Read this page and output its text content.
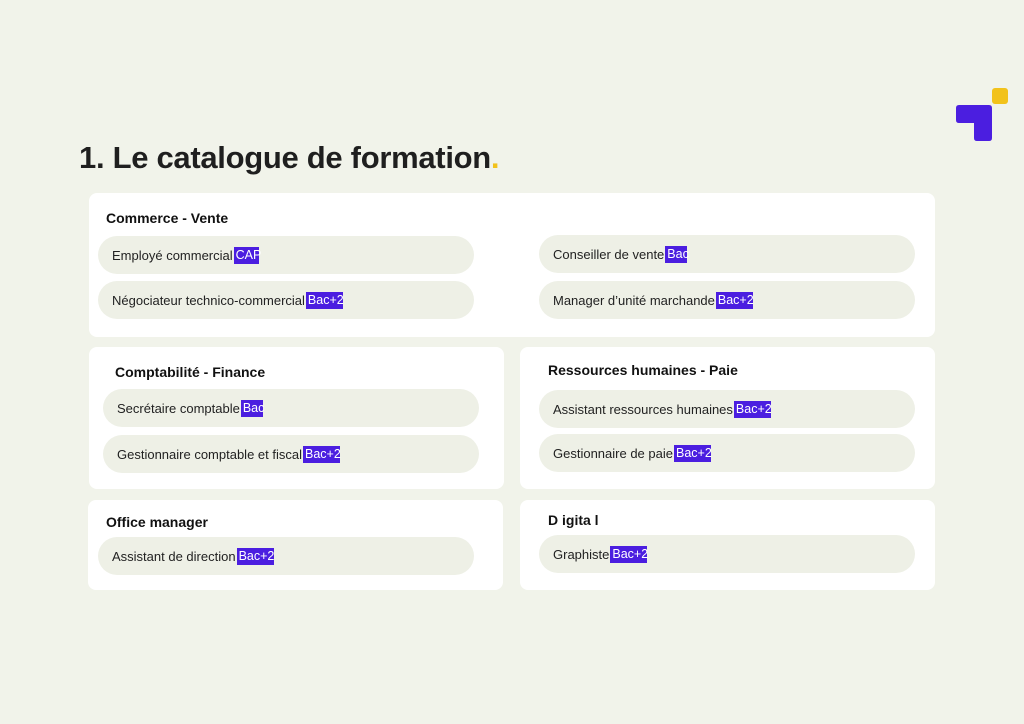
1. Le catalogue de formation.
Commerce - Vente
Employé commercial CAP
Négociateur technico-commercial Bac+2
Conseiller de vente Bac
Manager d’unité marchande Bac+2
Comptabilité - Finance
Secrétaire comptable Bac
Gestionnaire comptable et fiscal Bac+2
Ressources humaines - Paie
Assistant ressources humaines Bac+2
Gestionnaire de paie Bac+2
Office manager
Assistant de direction Bac+2
D igita l
Graphiste Bac+2
